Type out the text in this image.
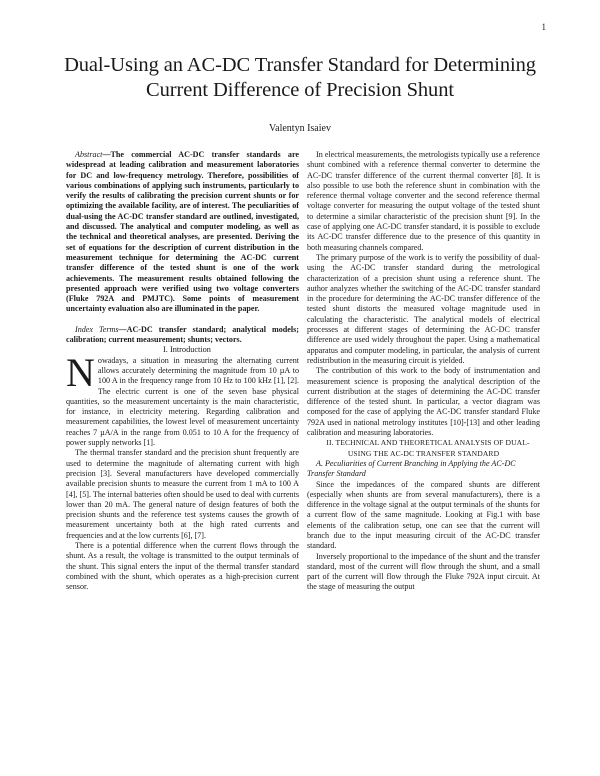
1
Dual-Using an AC-DC Transfer Standard for Determining Current Difference of Precision Shunt
Valentyn Isaiev

Abstract—The commercial AC-DC transfer standards are widespread at leading calibration and measurement laboratories for DC and low-frequency metrology. Therefore, possibilities of various combinations of applying such instruments, particularly to verify the results of calibrating the precision current shunts or for optimizing the available facility, are of interest. The peculiarities of dual-using the AC-DC transfer standard are outlined, investigated, and discussed. The analytical and computer modeling, as well as the technical and theoretical analyses, are presented. Deriving the set of equations for the description of current distribution in the measurement technique for determining the AC-DC current transfer difference of the tested shunt is one of the work achievements. The measurement results obtained following the presented approach were verified using two voltage converters (Fluke 792A and PMJTC). Some points of measurement uncertainty evaluation also are illuminated in the paper.

Index Terms—AC-DC transfer standard; analytical models; calibration; current measurement; shunts; vectors.

I. Introduction

Nowadays, a situation in measuring the alternating current allows accurately determining the magnitude from 10 µA to 100 A in the frequency range from 10 Hz to 100 kHz [1], [2]. The electric current is one of the seven base physical quantities, so the measurement uncertainty is the main characteristic, for instance, in electricity metering. Regarding calibration and measurement capabilities, the lowest level of measurement uncertainty reaches 7 µA/A in the range from 0.051 to 10 A for the frequency of power supply networks [1].

The thermal transfer standard and the precision shunt frequently are used to determine the magnitude of alternating current with high precision [3]. Several manufacturers have developed commercially available precision shunts to measure the current from 1 mA to 100 A [4], [5]. The internal batteries often should be used to deal with currents lower than 20 mA. The general nature of design features of both the precision shunts and the reference test systems causes the growth of measurement uncertainty both at the high rated currents and frequencies and at the low currents [6], [7].

There is a potential difference when the current flows through the shunt. As a result, the voltage is transmitted to the output terminals of the shunt. This signal enters the input of the thermal transfer standard combined with the shunt, which operates as a high-precision current sensor.

In electrical measurements, the metrologists typically use a reference shunt combined with a reference thermal converter to determine the AC-DC transfer difference of the current thermal converter [8]. It is also possible to use both the reference shunt in combination with the reference thermal voltage converter and the second reference thermal voltage converter for measuring the output voltage of the tested shunt to determine a similar characteristic of the precision shunt [9]. In the case of applying one AC-DC transfer standard, it is possible to exclude its AC-DC transfer difference due to the presence of this quantity in both measuring channels compared.

The primary purpose of the work is to verify the possibility of dual-using the AC-DC transfer standard during the metrological characterization of a precision shunt using a reference shunt. The author analyzes whether the switching of the AC-DC transfer standard in the procedure for determining the AC-DC transfer difference of the tested shunt distorts the measured voltage magnitude used in calculating the characteristic. The analytical models of electrical processes at different stages of determining the AC-DC transfer difference are used widely throughout the paper. Using a mathematical apparatus and computer modeling, in particular, the analysis of current redistribution in the measuring circuit is yielded.

The contribution of this work to the body of instrumentation and measurement science is proposing the analytical description of the current distribution at the stages of determining the AC-DC transfer difference of the tested shunt. In particular, a vector diagram was composed for the case of applying the AC-DC transfer standard Fluke 792A used in national metrology institutes [10]-[13] and other leading calibration and measuring laboratories.

II. TECHNICAL AND THEORETICAL ANALYSIS OF DUAL-USING THE AC-DC TRANSFER STANDARD

A. Peculiarities of Current Branching in Applying the AC-DC Transfer Standard

Since the impedances of the compared shunts are different (especially when shunts are from several manufacturers), there is a difference in the voltage signal at the output terminals of the shunts for a current flow of the same magnitude. Looking at Fig.1 with base elements of the calibration setup, one can see that the current will branch due to the input measuring circuit of the AC-DC transfer standard.

Inversely proportional to the impedance of the shunt and the transfer standard, most of the current will flow through the shunt, and a small part of the current will flow through the Fluke 792A input circuit. At the stage of measuring the output
